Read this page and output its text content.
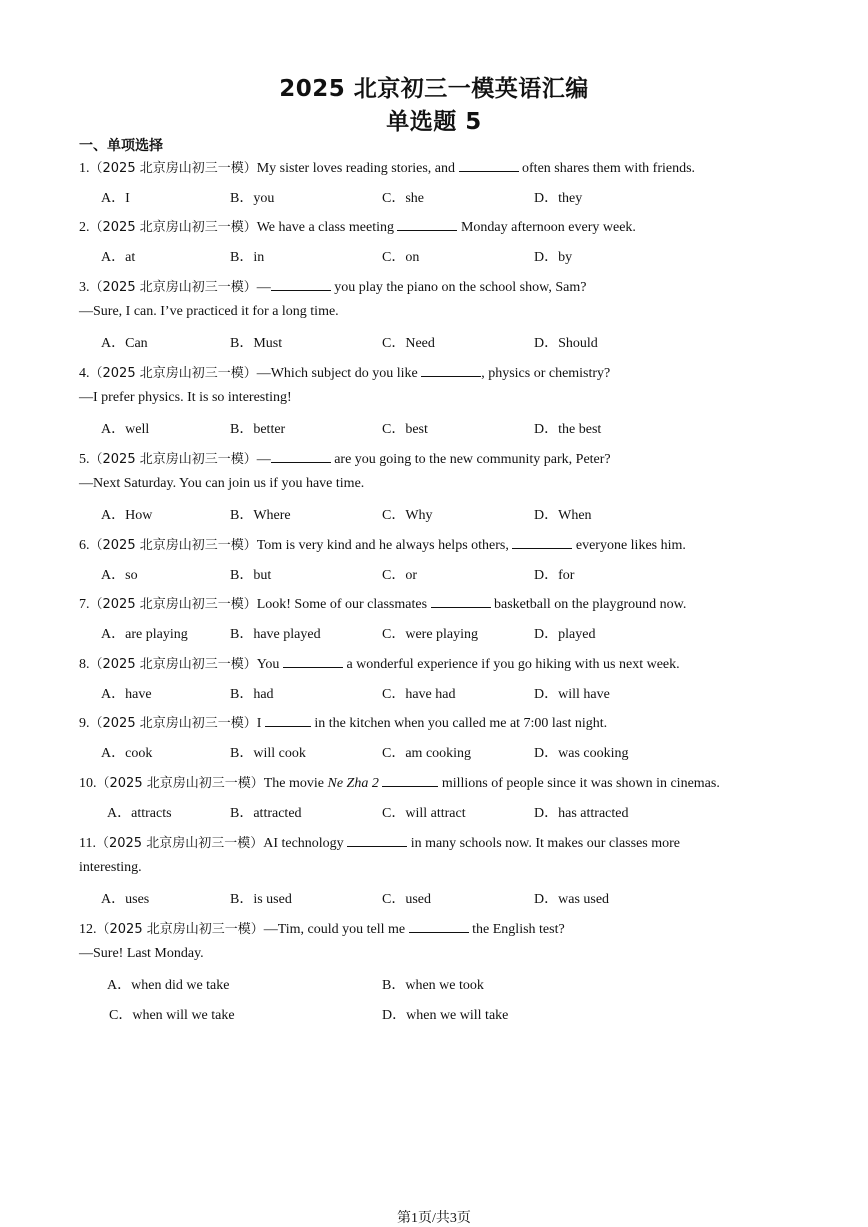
2025 北京初三一模英语汇编
单选题 5
一、单项选择
1.（2025 北京房山初三一模）My sister loves reading stories, and	often shares them with friends.
A．I	B．you	C．she	D．they
2.（2025 北京房山初三一模）We have a class meeting	Monday afternoon every week.
A．at	B．in	C．on	D．by
3.（2025 北京房山初三一模）—	you play the piano on the school show, Sam?
—Sure, I can. I’ve practiced it for a long time.
A．Can	B．Must	C．Need	D．Should
4.（2025 北京房山初三一模）—Which subject do you like	, physics or chemistry?
—I prefer physics. It is so interesting!
A．well	B．better	C．best	D．the best
5.（2025 北京房山初三一模）—	are you going to the new community park, Peter?
—Next Saturday. You can join us if you have time.
A．How	B．Where	C．Why	D．When
6.（2025 北京房山初三一模）Tom is very kind and he always helps others,	everyone likes him.
A．so	B．but	C．or	D．for
7.（2025 北京房山初三一模）Look! Some of our classmates	basketball on the playground now.
A．are playing	B．have played	C．were playing	D．played
8.（2025 北京房山初三一模）You	a wonderful experience if you go hiking with us next week.
A．have	B．had	C．have had	D．will have
9.（2025 北京房山初三一模）I	in the kitchen when you called me at 7:00 last night.
A．cook	B．will cook	C．am cooking	D．was cooking
10.（2025 北京房山初三一模）The movie Ne Zha 2	millions of people since it was shown in cinemas.
A．attracts	B．attracted	C．will attract	D．has attracted
11.（2025 北京房山初三一模）AI technology	in many schools now. It makes our classes more
interesting.
A．uses	B．is used	C．used	D．was used
12.（2025 北京房山初三一模）—Tim, could you tell me	the English test?
—Sure! Last Monday.
A．when did we take	B．when we took
C．when will we take	D．when we will take
第1页/共3页
